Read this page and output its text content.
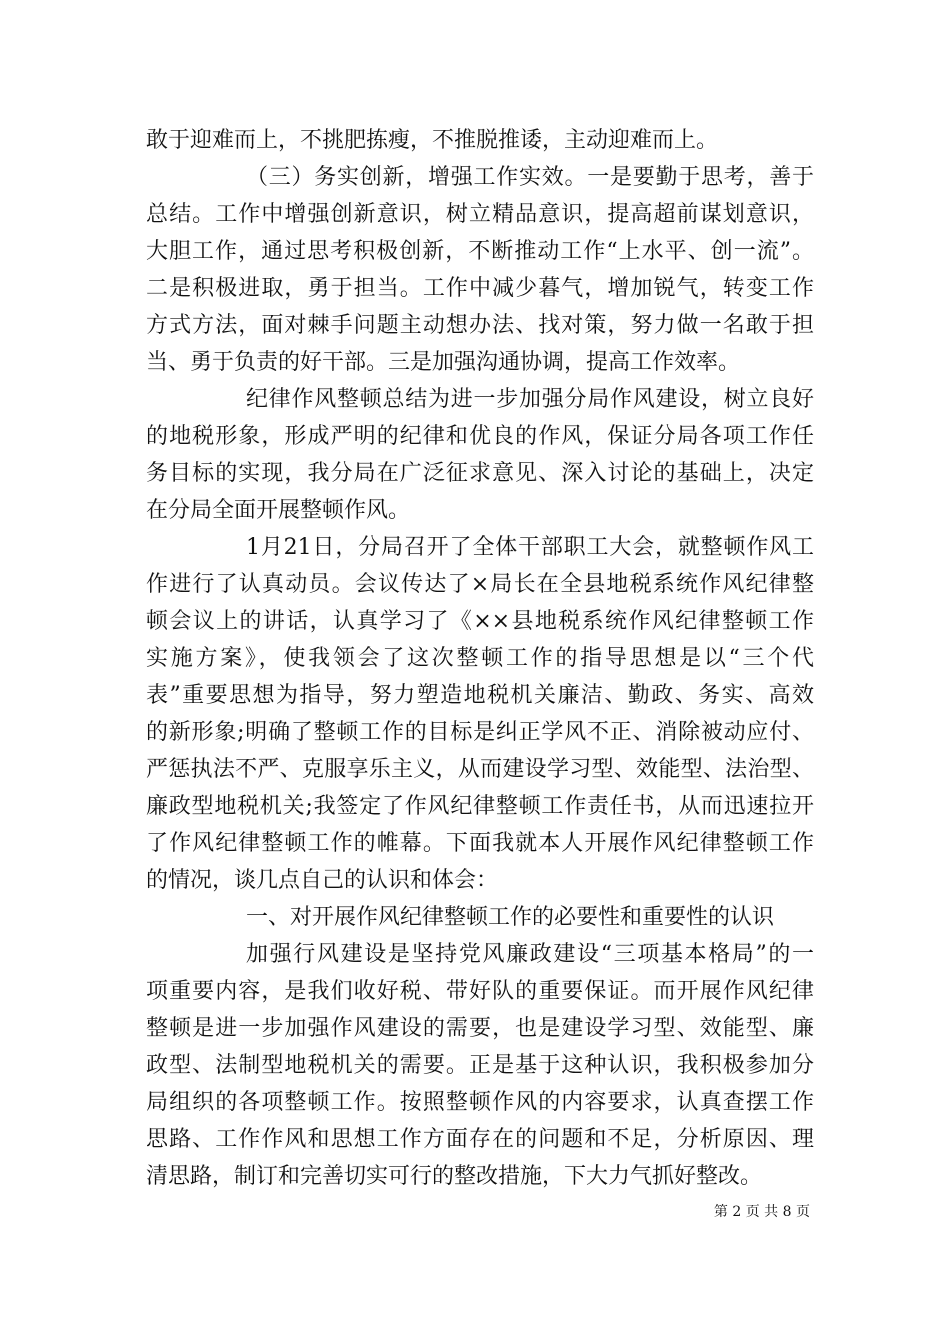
敢于迎难而上，不挑肥拣瘦，不推脱推诿，主动迎难而上。
（三）务实创新，增强工作实效。一是要勤于思考，善于
总结。工作中增强创新意识，树立精品意识，提高超前谋划意识，
大胆工作，通过思考积极创新，不断推动工作“上水平、创一流”。
二是积极进取，勇于担当。工作中减少暮气，增加锐气，转变工作
方式方法，面对棘手问题主动想办法、找对策，努力做一名敢于担
当、勇于负责的好干部。三是加强沟通协调，提高工作效率。
纪律作风整顿总结为进一步加强分局作风建设，树立良好
的地税形象，形成严明的纪律和优良的作风，保证分局各项工作任
务目标的实现，我分局在广泛征求意见、深入讨论的基础上，决定
在分局全面开展整顿作风。
1月21日，分局召开了全体干部职工大会，就整顿作风工
作进行了认真动员。会议传达了×局长在全县地税系统作风纪律整
顿会议上的讲话，认真学习了《××县地税系统作风纪律整顿工作
实施方案》，使我领会了这次整顿工作的指导思想是以“三个代
表”重要思想为指导，努力塑造地税机关廉洁、勤政、务实、高效
的新形象;明确了整顿工作的目标是纠正学风不正、消除被动应付、
严惩执法不严、克服享乐主义，从而建设学习型、效能型、法治型、
廉政型地税机关;我签定了作风纪律整顿工作责任书，从而迅速拉开
了作风纪律整顿工作的帷幕。下面我就本人开展作风纪律整顿工作
的情况，谈几点自己的认识和体会：
一、对开展作风纪律整顿工作的必要性和重要性的认识
加强行风建设是坚持党风廉政建设“三项基本格局”的一
项重要内容，是我们收好税、带好队的重要保证。而开展作风纪律
整顿是进一步加强作风建设的需要，也是建设学习型、效能型、廉
政型、法制型地税机关的需要。正是基于这种认识，我积极参加分
局组织的各项整顿工作。按照整顿作风的内容要求，认真查摆工作
思路、工作作风和思想工作方面存在的问题和不足，分析原因、理
清思路，制订和完善切实可行的整改措施，下大力气抓好整改。
第 2 页 共 8 页
